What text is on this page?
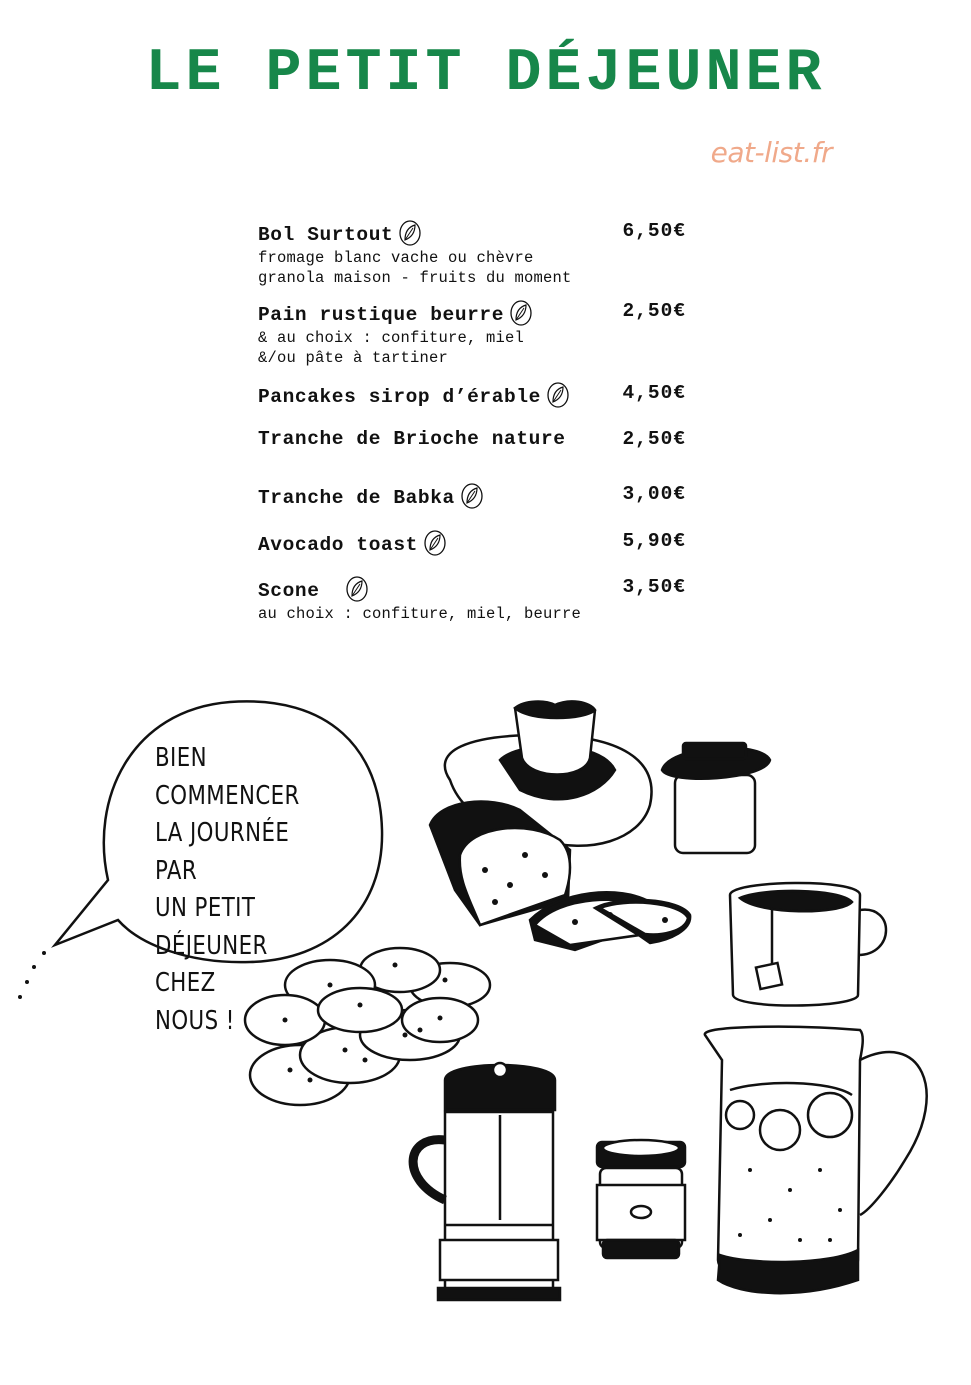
LE PETIT DÉJEUNER
eat-list.fr
Bol Surtout	6,50€
fromage blanc vache ou chèvre
granola maison - fruits du moment
Pain rustique beurre	2,50€
& au choix : confiture, miel
&/ou pâte à tartiner
Pancakes sirop d’érable	4,50€
Tranche de Brioche nature	2,50€
Tranche de Babka	3,00€
Avocado toast	5,90€
Scone	3,50€
au choix : confiture, miel, beurre

BIEN COMMENCER
LA JOURNÉE PAR
UN PETIT
DÉJEUNER CHEZ
NOUS !
